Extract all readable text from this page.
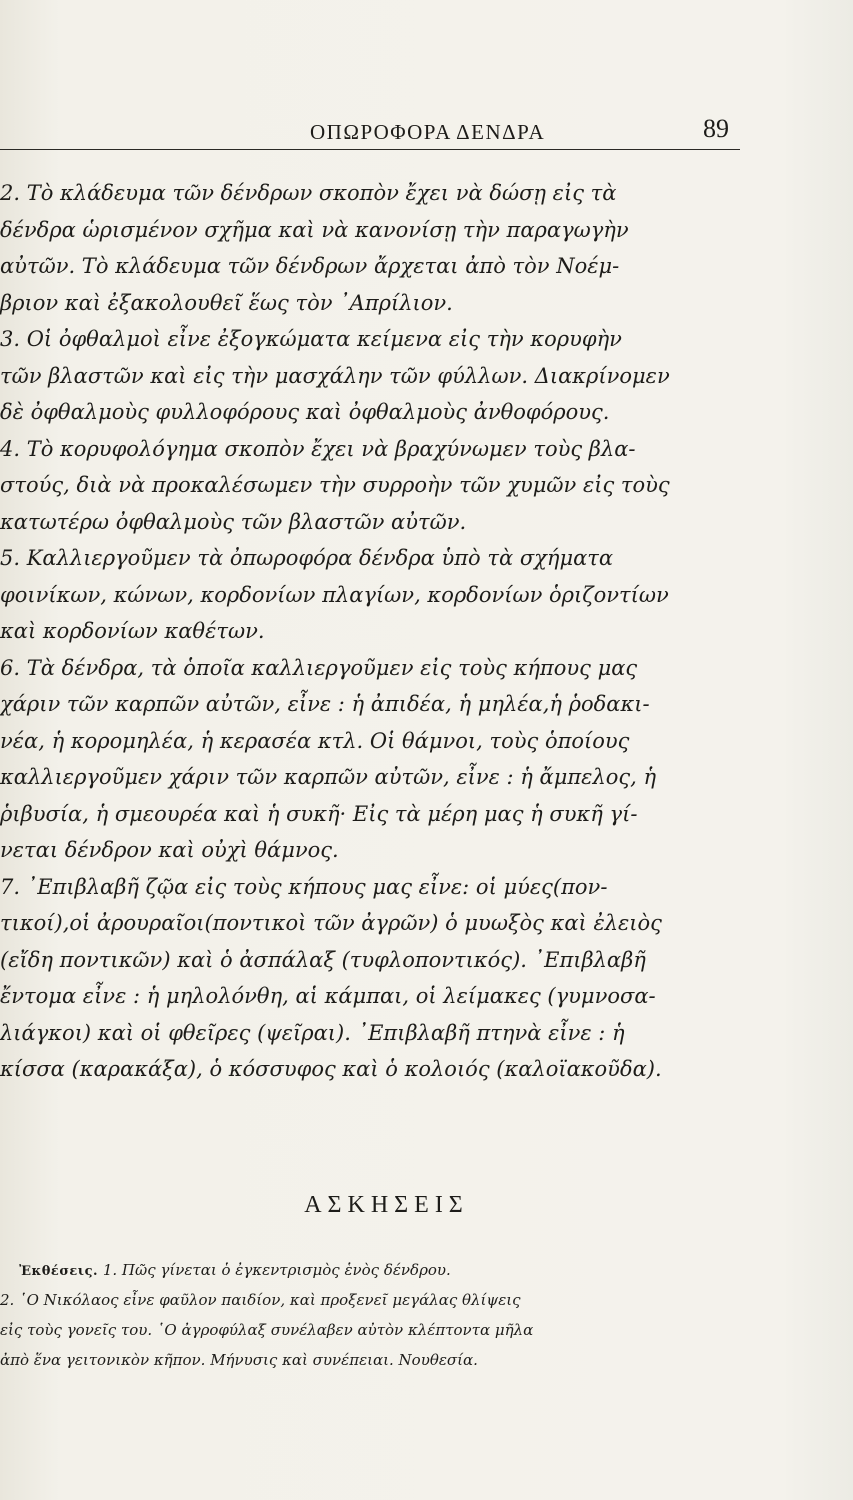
ΟΠΩΡΟΦΟΡΑ ΔΕΝΔΡΑ	89
2. Τὸ κλάδευμα τῶν δένδρων σκοπὸν ἔχει νὰ δώσῃ εἰς τὰ
δένδρα ὡρισμένον σχῆμα καὶ νὰ κανονίσῃ τὴν παραγωγὴν
αὐτῶν. Τὸ κλάδευμα τῶν δένδρων ἄρχεται ἀπὸ τὸν Νοέμ-
βριον καὶ ἐξακολουθεῖ ἕως τὸν ᾿Απρίλιον.
3. Οἱ ὀφθαλμοὶ εἶνε ἐξογκώματα κείμενα εἰς τὴν κορυφὴν
τῶν βλαστῶν καὶ εἰς τὴν μασχάλην τῶν φύλλων. Διακρίνομεν
δὲ ὀφθαλμοὺς φυλλοφόρους καὶ ὀφθαλμοὺς ἀνθοφόρους.
4. Τὸ κορυφολόγημα σκοπὸν ἔχει νὰ βραχύνωμεν τοὺς βλα-
στούς, διὰ νὰ προκαλέσωμεν τὴν συρροὴν τῶν χυμῶν εἰς τοὺς
κατωτέρω ὀφθαλμοὺς τῶν βλαστῶν αὐτῶν.
5. Καλλιεργοῦμεν τὰ ὀπωροφόρα δένδρα ὑπὸ τὰ σχήματα
φοινίκων, κώνων, κορδονίων πλαγίων, κορδονίων ὁριζοντίων
καὶ κορδονίων καθέτων.
6. Τὰ δένδρα, τὰ ὁποῖα καλλιεργοῦμεν εἰς τοὺς κήπους μας
χάριν τῶν καρπῶν αὐτῶν, εἶνε : ἡ ἀπιδέα, ἡ μηλέα,ἡ ῥοδακι-
νέα, ἡ κορομηλέα, ἡ κερασέα κτλ. Οἱ θάμνοι, τοὺς ὁποίους
καλλιεργοῦμεν χάριν τῶν καρπῶν αὐτῶν, εἶνε : ἡ ἄμπελος, ἡ
ῥιβυσία, ἡ σμεουρέα καὶ ἡ συκῆ· Εἰς τὰ μέρη μας ἡ συκῆ γί-
νεται δένδρον καὶ οὐχὶ θάμνος.
7. ᾿Επιβλαβῆ ζῷα εἰς τοὺς κήπους μας εἶνε: οἱ μύες(πον-
τικοί),οἱ ἀρουραῖοι(ποντικοὶ τῶν ἀγρῶν) ὁ μυωξὸς καὶ ἐλειὸς
(εἴδη ποντικῶν) καὶ ὁ ἀσπάλαξ (τυφλοποντικός). ᾿Επιβλαβῆ
ἔντομα εἶνε : ἡ μηλολόνθη, αἱ κάμπαι, οἱ λείμακες (γυμνοσα-
λιάγκοι) καὶ οἱ φθεῖρες (ψεῖραι). ᾿Επιβλαβῆ πτηνὰ εἶνε : ἡ
κίσσα (καρακάξα), ὁ κόσσυφος καὶ ὁ κολοιός (καλοϊακοῦδα).
ΑΣΚΗΣΕΙΣ
Ἐκθέσεις. 1. Πῶς γίνεται ὁ ἐγκεντρισμὸς ἑνὸς δένδρου.
2. ῾Ο Νικόλαος εἶνε φαῦλον παιδίον, καὶ προξενεῖ μεγάλας θλίψεις
εἰς τοὺς γονεῖς του. ῾Ο ἀγροφύλαξ συνέλαβεν αὐτὸν κλέπτοντα μῆλα
ἀπὸ ἕνα γειτονικὸν κῆπον. Μήνυσις καὶ συνέπειαι. Νουθεσία.
